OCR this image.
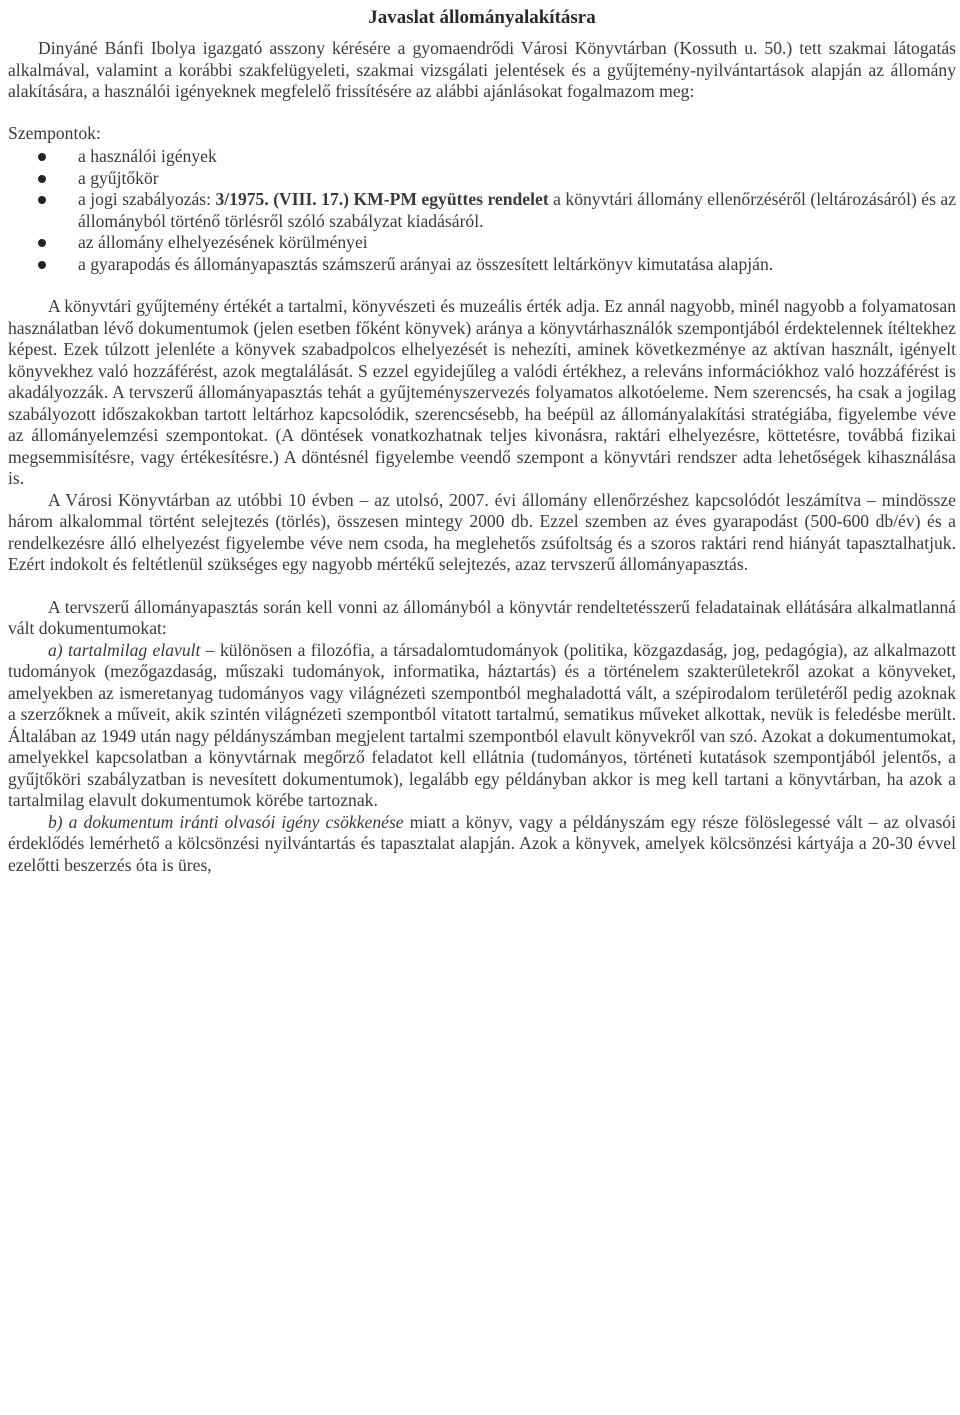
Javaslat állományalakításra

Dinyáné Bánfi Ibolya igazgató asszony kérésére a gyomaendrődi Városi Könyvtárban (Kossuth u. 50.) tett szakmai látogatás alkalmával, valamint a korábbi szakfelügyeleti, szakmai vizsgálati jelentések és a gyűjtemény-nyilvántartások alapján az állomány alakítására, a használói igényeknek megfelelő frissítésére az alábbi ajánlásokat fogalmazom meg:

Szempontok:

a használói igények
a gyűjtőkör
a jogi szabályozás: 3/1975. (VIII. 17.) KM-PM együttes rendelet a könyvtári állomány ellenőrzéséről (leltározásáról) és az állományból történő törlésről szóló szabályzat kiadásáról.
az állomány elhelyezésének körülményei
a gyarapodás és állományapasztás számszerű arányai az összesített leltárkönyv kimutatása alapján.

A könyvtári gyűjtemény értékét a tartalmi, könyvészeti és muzeális érték adja. Ez annál nagyobb, minél nagyobb a folyamatosan használatban lévő dokumentumok (jelen esetben főként könyvek) aránya a könyvtárhasználók szempontjából érdektelennek ítéltekhez képest. Ezek túlzott jelenléte a könyvek szabadpolcos elhelyezését is nehezíti, aminek következménye az aktívan használt, igényelt könyvekhez való hozzáférést, azok megtalálását. S ezzel egyidejűleg a valódi értékhez, a releváns információkhoz való hozzáférést is akadályozzák. A tervszerű állományapasztás tehát a gyűjteményszervezés folyamatos alkotóeleme. Nem szerencsés, ha csak a jogilag szabályozott időszakokban tartott leltárhoz kapcsolódik, szerencsésebb, ha beépül az állományalakítási stratégiába, figyelembe véve az állományelemzési szempontokat. (A döntések vonatkozhatnak teljes kivonásra, raktári elhelyezésre, köttetésre, továbbá fizikai megsemmisítésre, vagy értékesítésre.) A döntésnél figyelembe veendő szempont a könyvtári rendszer adta lehetőségek kihasználása is.

A Városi Könyvtárban az utóbbi 10 évben – az utolsó, 2007. évi állomány ellenőrzéshez kapcsolódót leszámítva – mindössze három alkalommal történt selejtezés (törlés), összesen mintegy 2000 db. Ezzel szemben az éves gyarapodást (500-600 db/év) és a rendelkezésre álló elhelyezést figyelembe véve nem csoda, ha meglehetős zsúfoltság és a szoros raktári rend hiányát tapasztalhatjuk. Ezért indokolt és feltétlenül szükséges egy nagyobb mértékű selejtezés, azaz tervszerű állományapasztás.

A tervszerű állományapasztás során kell vonni az állományból a könyvtár rendeltetésszerű feladatainak ellátására alkalmatlanná vált dokumentumokat:

a) tartalmilag elavult – különösen a filozófia, a társadalomtudományok (politika, közgazdaság, jog, pedagógia), az alkalmazott tudományok (mezőgazdaság, műszaki tudományok, informatika, háztartás) és a történelem szakterületekről azokat a könyveket, amelyekben az ismeretanyag tudományos vagy világnézeti szempontból meghaladottá vált, a szépirodalom területéről pedig azoknak a szerzőknek a műveit, akik szintén világnézeti szempontból vitatott tartalmú, sematikus műveket alkottak, nevük is feledésbe merült. Általában az 1949 után nagy példányszámban megjelent tartalmi szempontból elavult könyvekről van szó. Azokat a dokumentumokat, amelyekkel kapcsolatban a könyvtárnak megőrző feladatot kell ellátnia (tudományos, történeti kutatások szempontjából jelentős, a gyűjtőköri szabályzatban is nevesített dokumentumok), legalább egy példányban akkor is meg kell tartani a könyvtárban, ha azok a tartalmilag elavult dokumentumok körébe tartoznak.

b) a dokumentum iránti olvasói igény csökkenése miatt a könyv, vagy a példányszám egy része fölöslegessé vált – az olvasói érdeklődés lemérhető a kölcsönzési nyilvántartás és tapasztalat alapján. Azok a könyvek, amelyek kölcsönzési kártyája a 20-30 évvel ezelőtti beszerzés óta is üres,
